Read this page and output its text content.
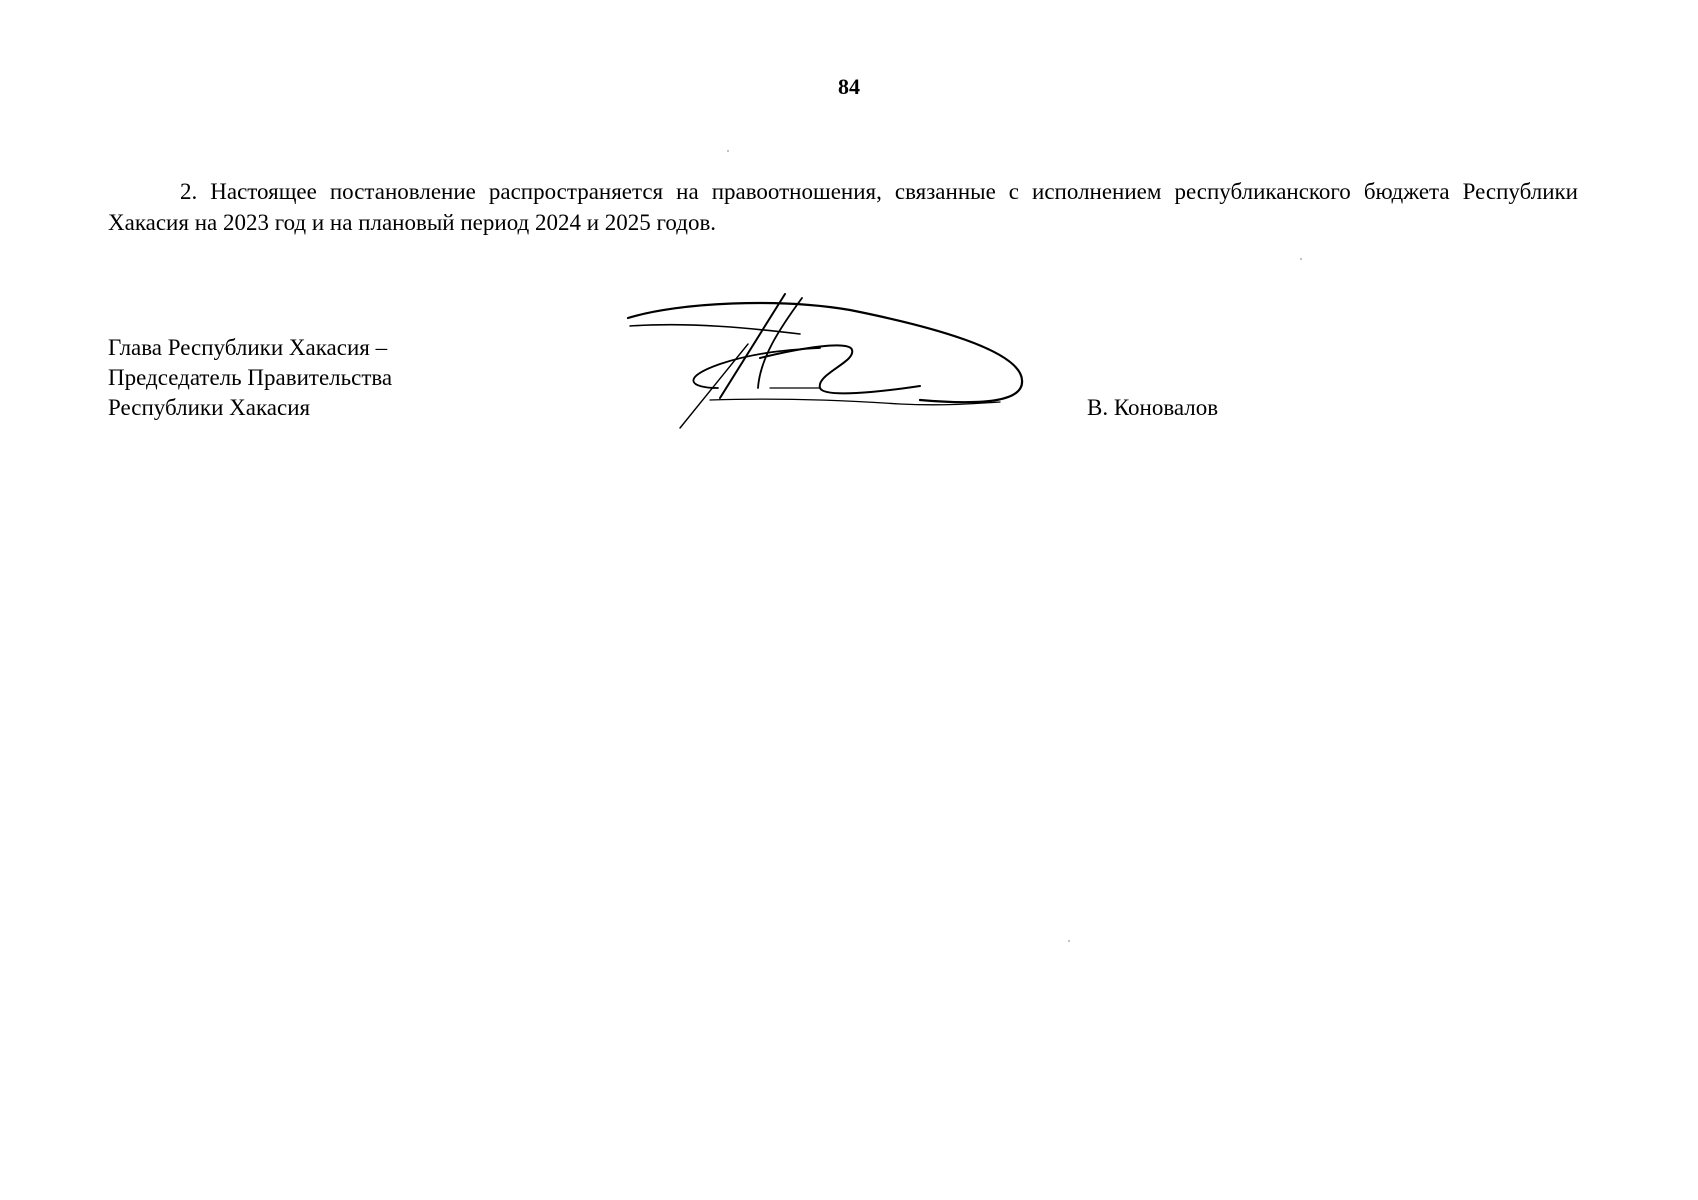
84
2. Настоящее постановление распространяется на правоотношения, связанные с исполнением республиканского бюджета Республики Хакасия на 2023 год и на плановый период 2024 и 2025 годов.
Глава Республики Хакасия –
Председатель Правительства
Республики Хакасия	В. Коновалов
